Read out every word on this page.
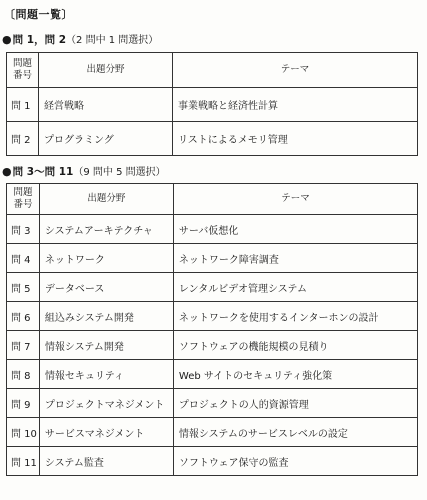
〔問題一覧〕
●問 1，問 2（2 問中 1 問選択）
問題
番号	出題分野	テーマ
問 1	経営戦略	事業戦略と経済性計算
問 2	プログラミング	リストによるメモリ管理
●問 3～問 11（9 問中 5 問選択）
問題
番号	出題分野	テーマ
問 3	システムアーキテクチャ	サーバ仮想化
問 4	ネットワーク	ネットワーク障害調査
問 5	データベース	レンタルビデオ管理システム
問 6	組込みシステム開発	ネットワークを使用するインターホンの設計
問 7	情報システム開発	ソフトウェアの機能規模の見積り
問 8	情報セキュリティ	Web サイトのセキュリティ強化策
問 9	プロジェクトマネジメント	プロジェクトの人的資源管理
問 10	サービスマネジメント	情報システムのサービスレベルの設定
問 11	システム監査	ソフトウェア保守の監査
